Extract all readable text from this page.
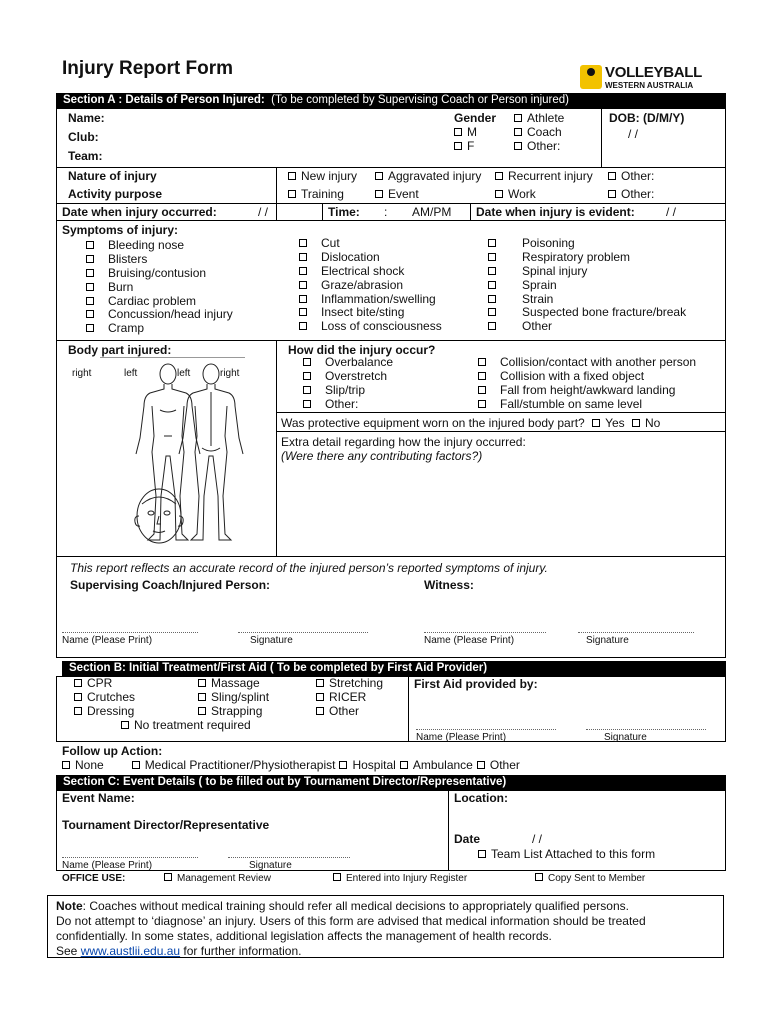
Injury Report Form	VOLLEYBALL
WESTERN AUSTRALIA
Section A : Details of Person Injured: (To be completed by Supervising Coach or Person injured)
Name:
Club:
Team:
Gender
M
F
Athlete
Coach
Other:
DOB: (D/M/Y)
/ /
Nature of injury	New injury	Aggravated injury	Recurrent injury	Other:
Activity purpose	Training	Event	Work	Other:
Date when injury occurred:	/ /	Time: : AM/PM Date when injury is evident:	/ /
Symptoms of injury:
Bleeding nose
Blisters
Bruising/contusion
Burn
Cardiac problem
Concussion/head injury
Cramp
Cut
Dislocation
Electrical shock
Graze/abrasion
Inflammation/swelling
Insect bite/sting
Loss of consciousness
Poisoning
Respiratory problem
Spinal injury
Sprain
Strain
Suspected bone fracture/break
Other
Body part injured:
right	left	left	right
How did the injury occur?
Overbalance
Overstretch
Slip/trip
Other:
Collision/contact with another person
Collision with a fixed object
Fall from height/awkward landing
Fall/stumble on same level
Was protective equipment worn on the injured body part? Yes No
Extra detail regarding how the injury occurred:
(Were there any contributing factors?)
This report reflects an accurate record of the injured person’s reported symptoms of injury.
Supervising Coach/Injured Person:	Witness:
Name (Please Print)	Signature	Name (Please Print)	Signature
Section B: Initial Treatment/First Aid ( To be completed by First Aid Provider)
CPR
Crutches
Dressing
Massage
Sling/splint
Strapping
Stretching
RICER
Other
No treatment required
First Aid provided by:
Name (Please Print)	Signature
Follow up Action:
None	Medical Practitioner/Physiotherapist Hospital Ambulance Other
Section C: Event Details ( to be filled out by Tournament Director/Representative)
Event Name:	Location:
Tournament Director/Representative
Date	/ /
Team List Attached to this form
Name (Please Print)	Signature
OFFICE USE:	Management Review	Entered into Injury Register	Copy Sent to Member
Note: Coaches without medical training should refer all medical decisions to appropriately qualified persons.
Do not attempt to ‘diagnose’ an injury. Users of this form are advised that medical information should be treated
confidentially. In some states, additional legislation affects the management of health records.
See www.austlii.edu.au for further information.
